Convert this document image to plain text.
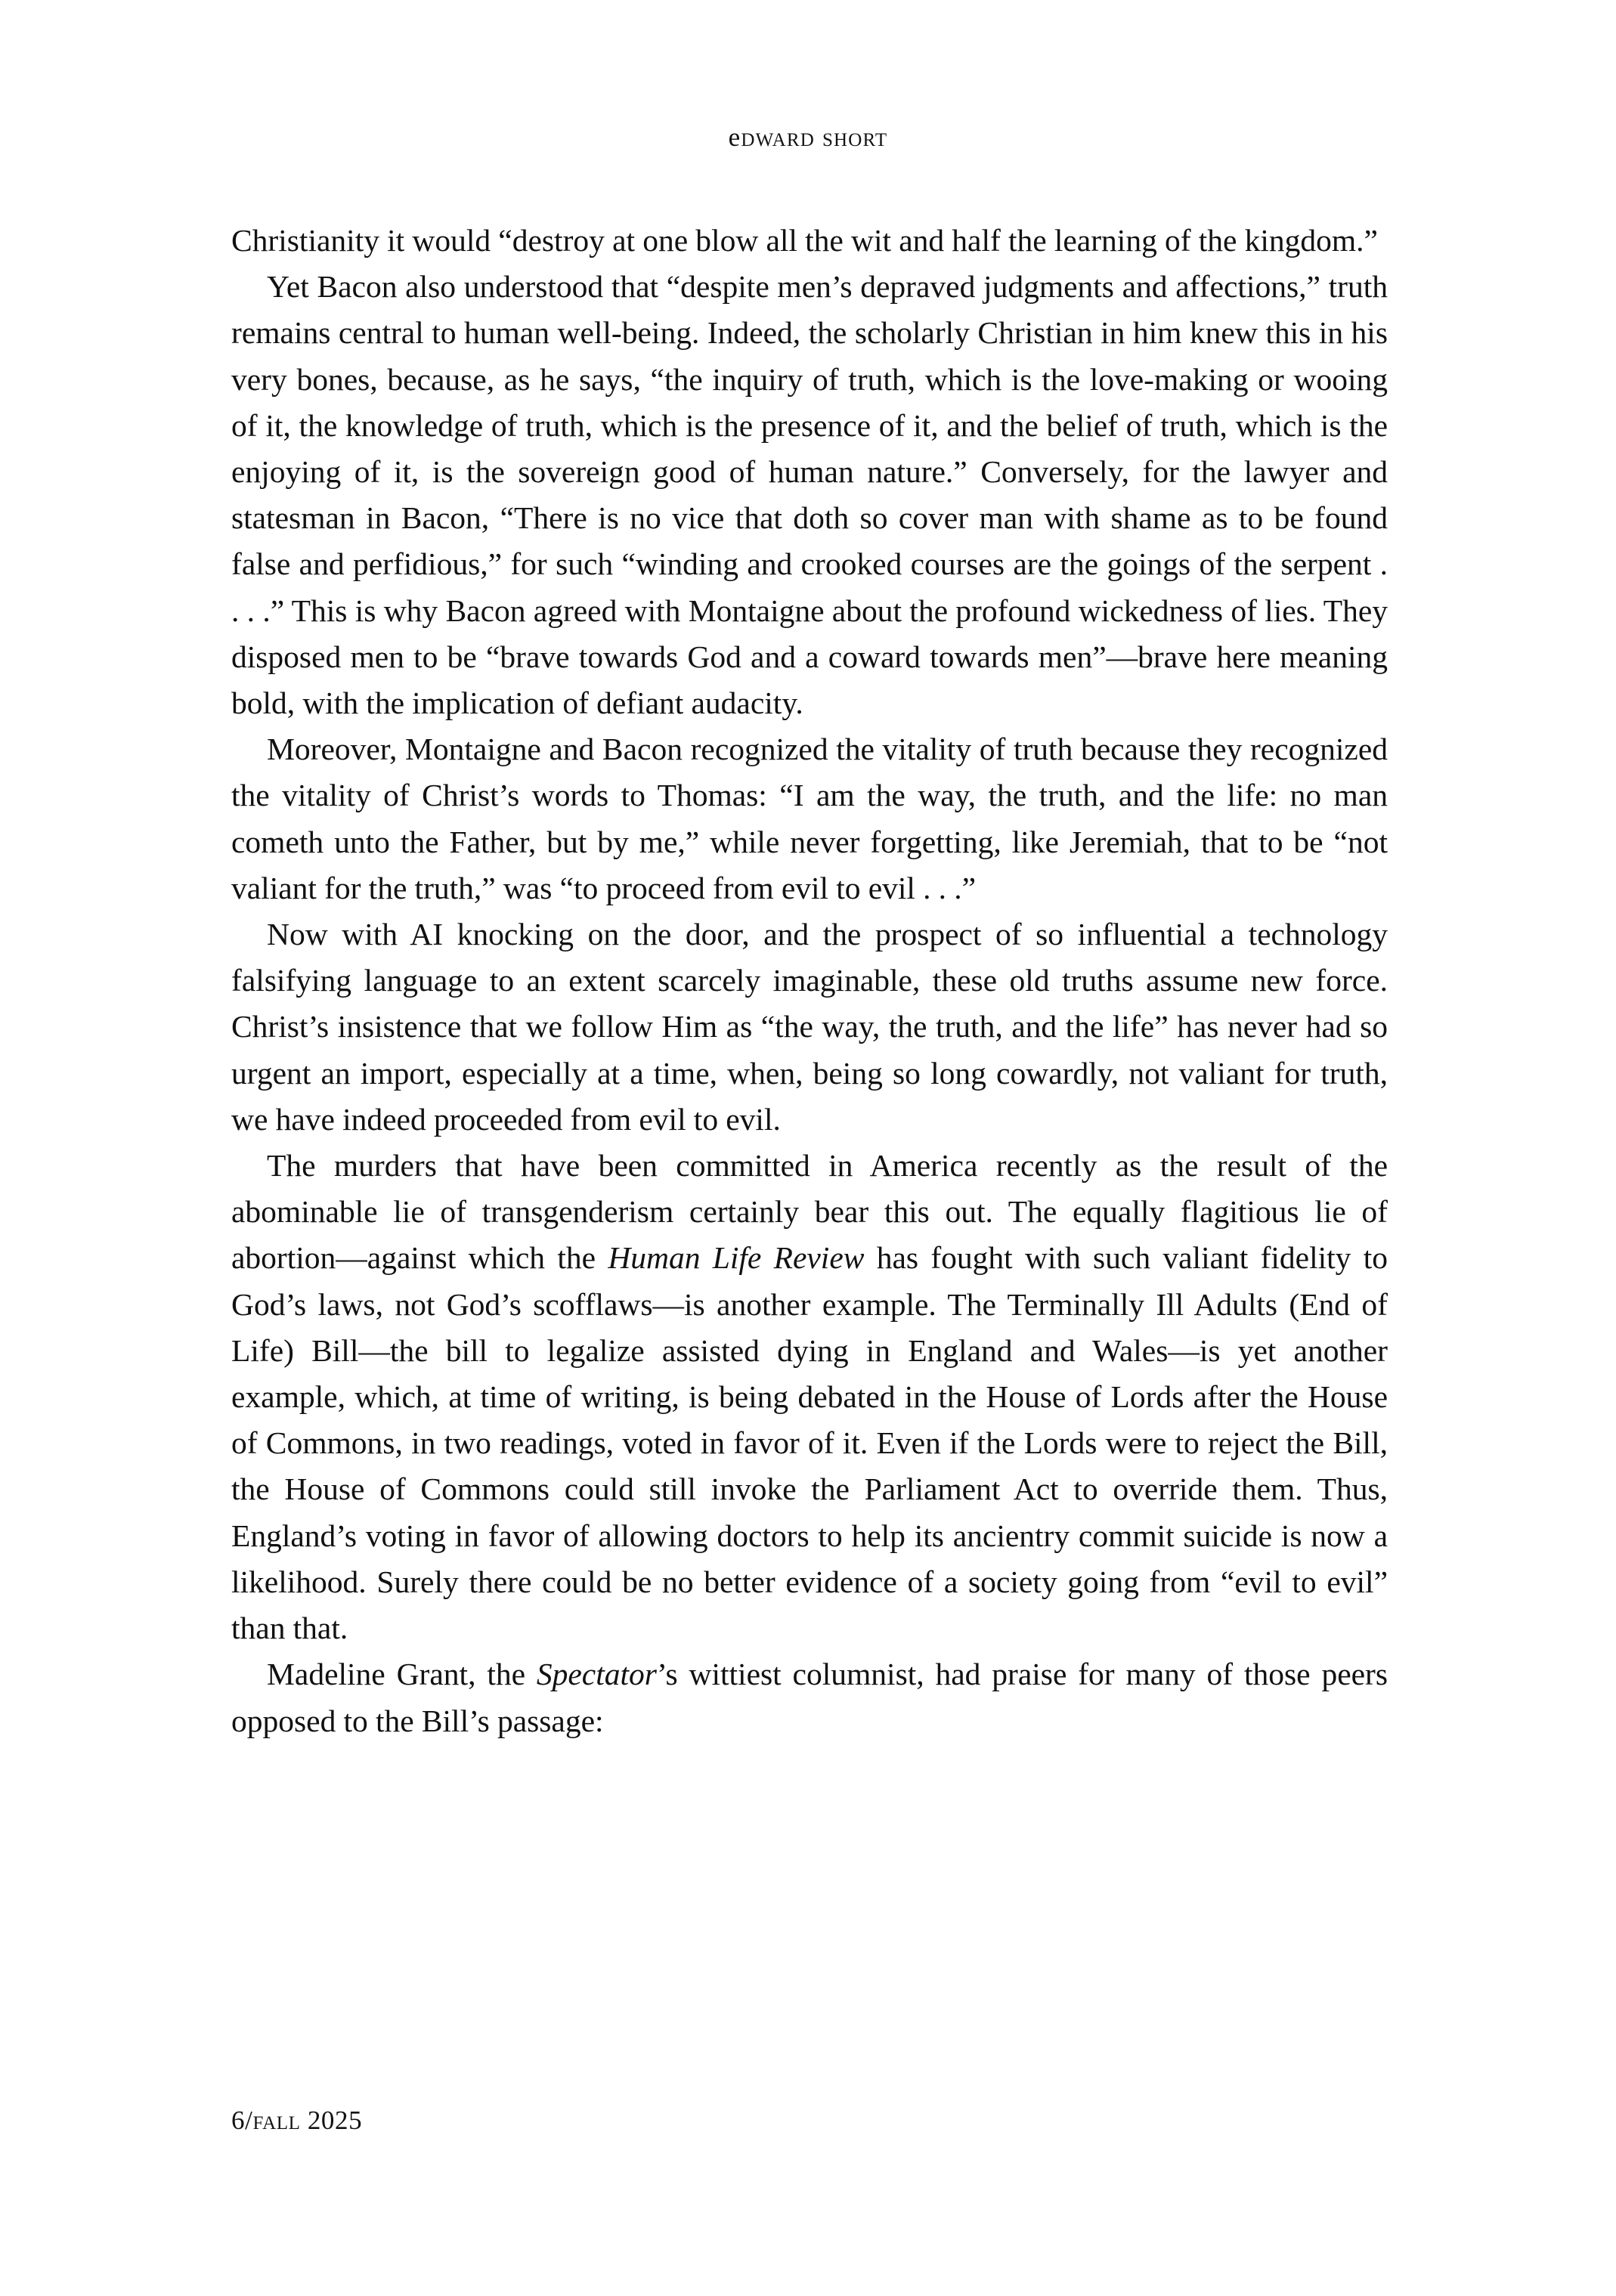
edward short

Christianity it would “destroy at one blow all the wit and half the learning of the kingdom.”

Yet Bacon also understood that “despite men’s depraved judgments and affections,” truth remains central to human well-being. Indeed, the scholarly Christian in him knew this in his very bones, because, as he says, “the inquiry of truth, which is the love-making or wooing of it, the knowledge of truth, which is the presence of it, and the belief of truth, which is the enjoying of it, is the sovereign good of human nature.” Conversely, for the lawyer and statesman in Bacon, “There is no vice that doth so cover man with shame as to be found false and perfidious,” for such “winding and crooked courses are the goings of the serpent . . . .” This is why Bacon agreed with Montaigne about the profound wickedness of lies. They disposed men to be “brave towards God and a coward towards men”—brave here meaning bold, with the implication of defiant audacity.

Moreover, Montaigne and Bacon recognized the vitality of truth because they recognized the vitality of Christ’s words to Thomas: “I am the way, the truth, and the life: no man cometh unto the Father, but by me,” while never forgetting, like Jeremiah, that to be “not valiant for the truth,” was “to proceed from evil to evil . . .”

Now with AI knocking on the door, and the prospect of so influential a technology falsifying language to an extent scarcely imaginable, these old truths assume new force. Christ’s insistence that we follow Him as “the way, the truth, and the life” has never had so urgent an import, especially at a time, when, being so long cowardly, not valiant for truth, we have indeed proceeded from evil to evil.

The murders that have been committed in America recently as the result of the abominable lie of transgenderism certainly bear this out. The equally flagitious lie of abortion—against which the Human Life Review has fought with such valiant fidelity to God’s laws, not God’s scofflaws—is another example. The Terminally Ill Adults (End of Life) Bill—the bill to legalize assisted dying in England and Wales—is yet another example, which, at time of writing, is being debated in the House of Lords after the House of Commons, in two readings, voted in favor of it. Even if the Lords were to reject the Bill, the House of Commons could still invoke the Parliament Act to override them. Thus, England’s voting in favor of allowing doctors to help its ancientry commit suicide is now a likelihood. Surely there could be no better evidence of a society going from “evil to evil” than that.

Madeline Grant, the Spectator’s wittiest columnist, had praise for many of those peers opposed to the Bill’s passage:

6/fall 2025
